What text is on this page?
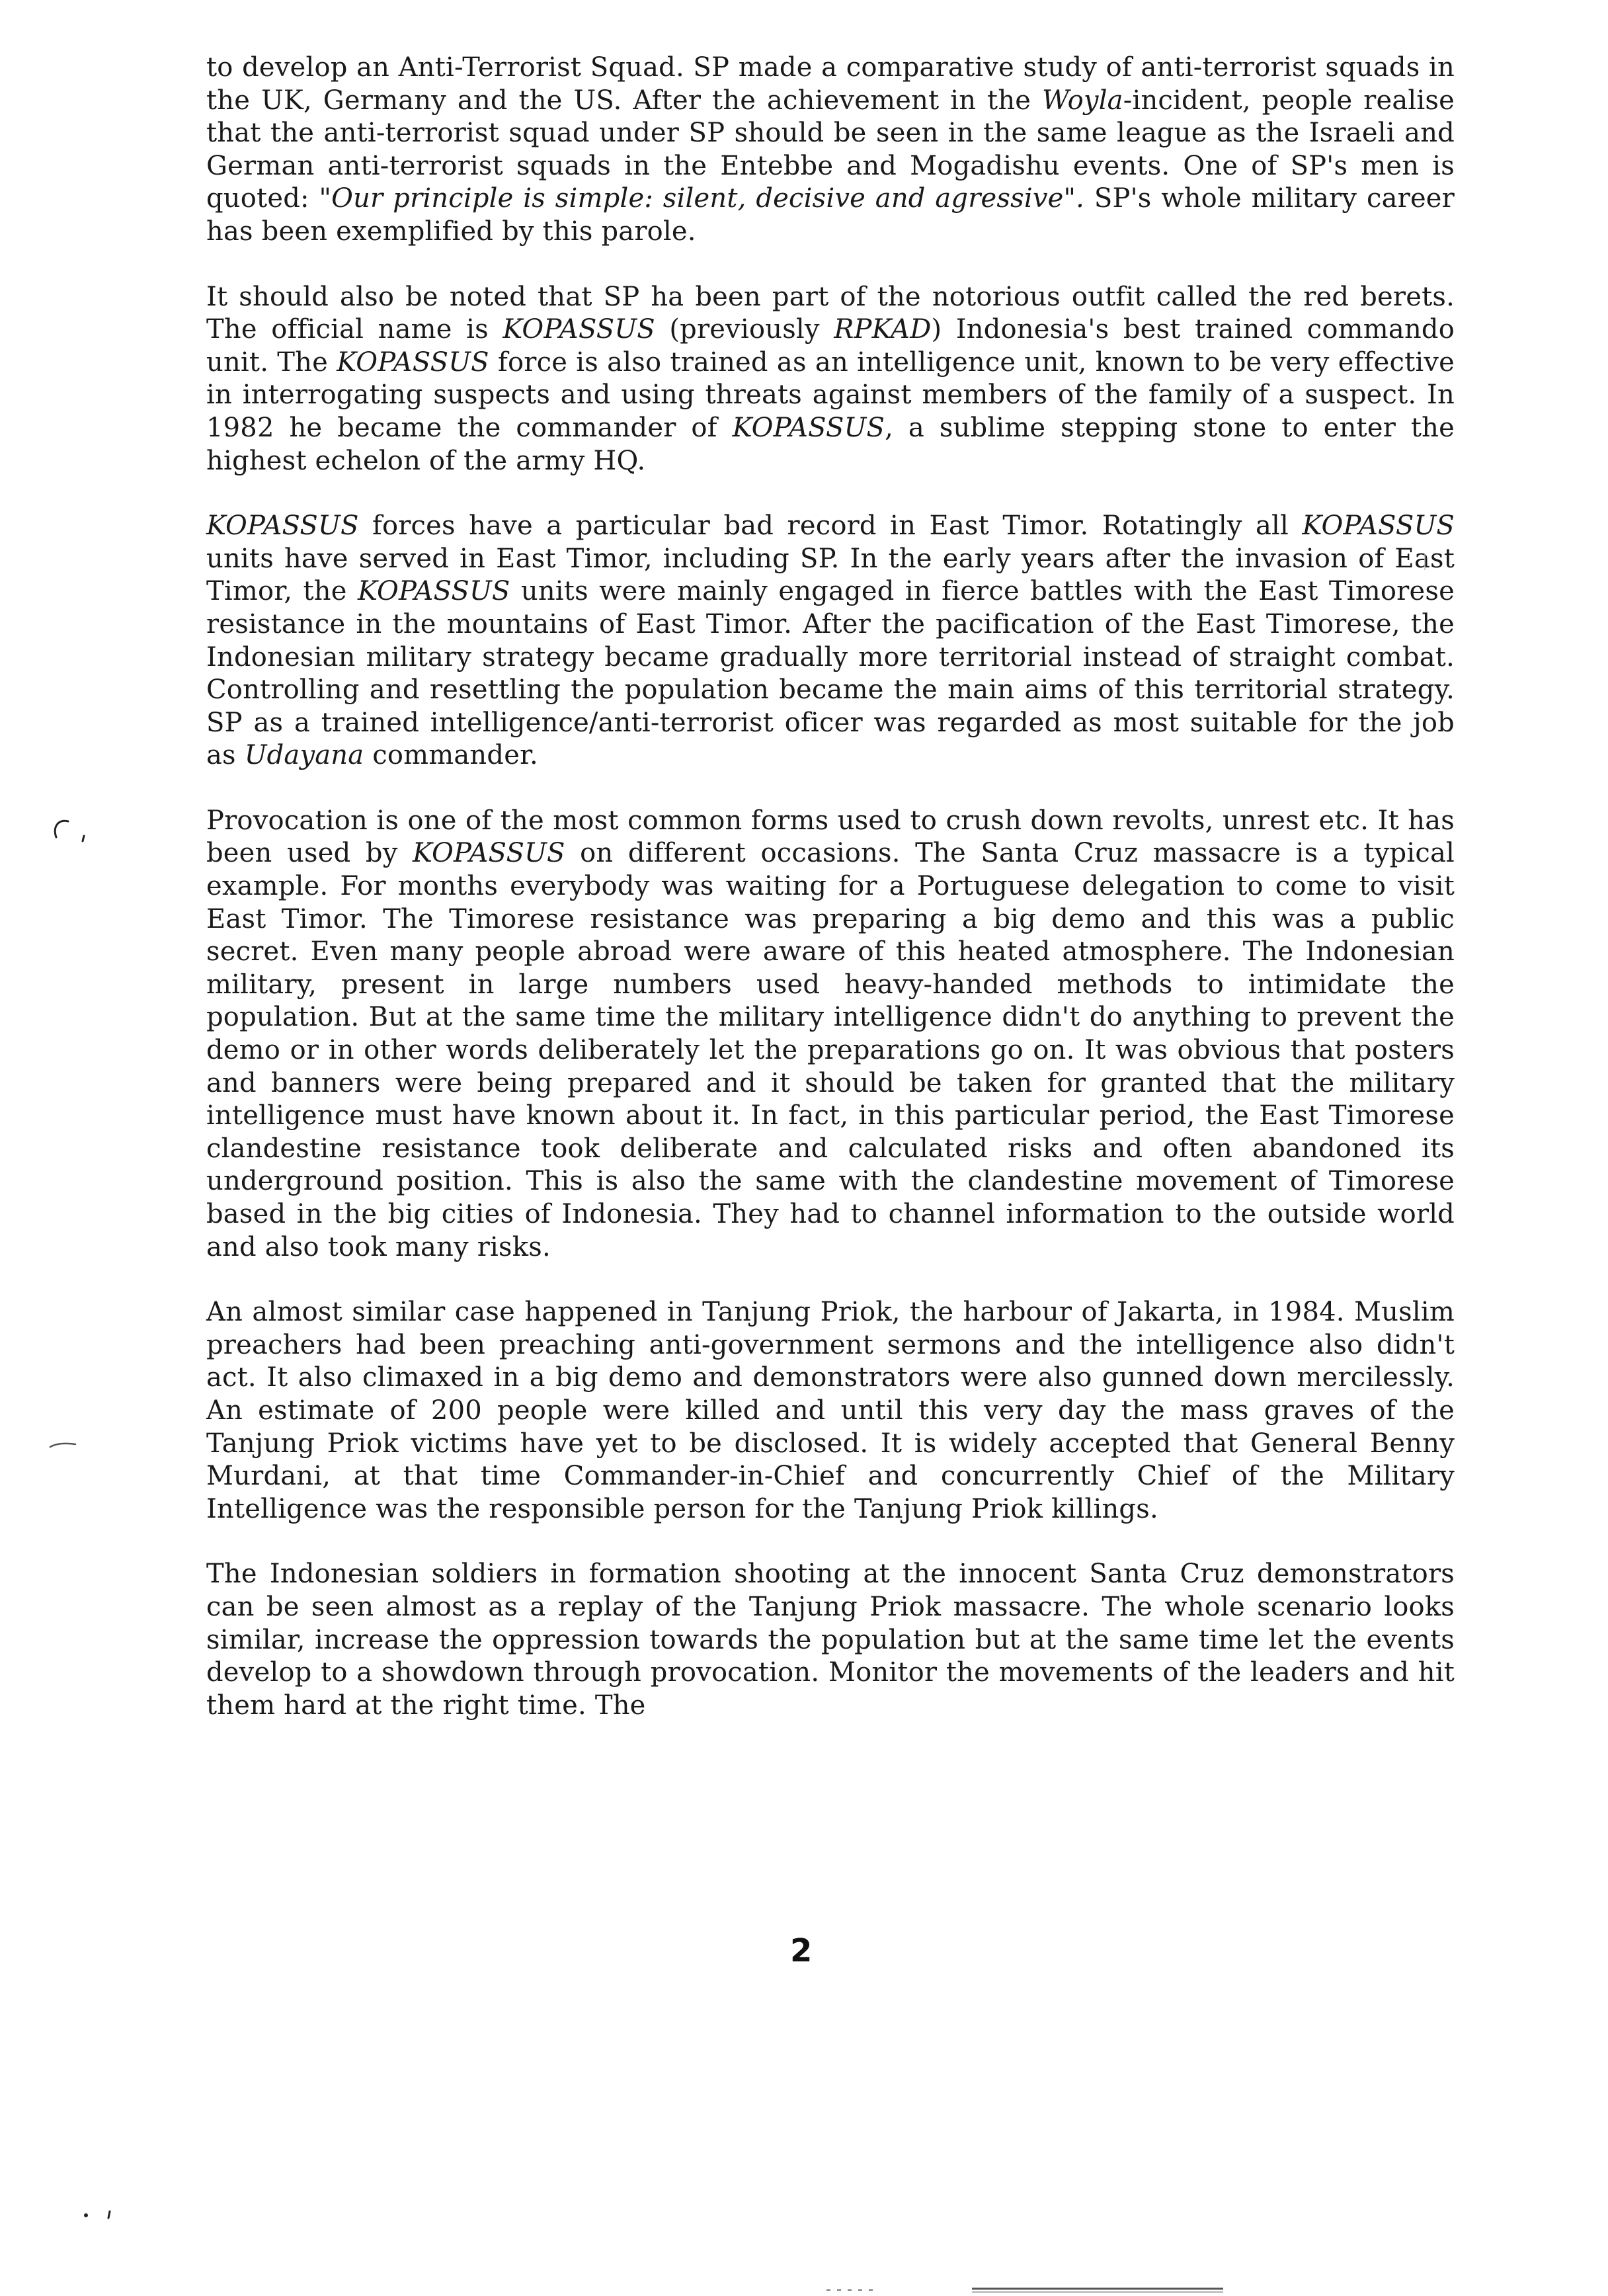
to develop an Anti-Terrorist Squad. SP made a comparative study of anti-terrorist squads in the UK, Germany and the US. After the achievement in the Woyla-incident, people realise that the anti-terrorist squad under SP should be seen in the same league as the Israeli and German anti-terrorist squads in the Entebbe and Mogadishu events. One of SP's men is quoted: "Our principle is simple: silent, decisive and agressive". SP's whole military career has been exemplified by this parole.

It should also be noted that SP ha been part of the notorious outfit called the red berets. The official name is KOPASSUS (previously RPKAD) Indonesia's best trained commando unit. The KOPASSUS force is also trained as an intelligence unit, known to be very effective in interrogating suspects and using threats against members of the family of a suspect. In 1982 he became the commander of KOPASSUS, a sublime stepping stone to enter the highest echelon of the army HQ.

KOPASSUS forces have a particular bad record in East Timor. Rotatingly all KOPASSUS units have served in East Timor, including SP. In the early years after the invasion of East Timor, the KOPASSUS units were mainly engaged in fierce battles with the East Timorese resistance in the mountains of East Timor. After the pacification of the East Timorese, the Indonesian military strategy became gradually more territorial instead of straight combat. Controlling and resettling the population became the main aims of this territorial strategy. SP as a trained intelligence/anti-terrorist oficer was regarded as most suitable for the job as Udayana commander.

Provocation is one of the most common forms used to crush down revolts, unrest etc. It has been used by KOPASSUS on different occasions. The Santa Cruz massacre is a typical example. For months everybody was waiting for a Portuguese delegation to come to visit East Timor. The Timorese resistance was preparing a big demo and this was a public secret. Even many people abroad were aware of this heated atmosphere. The Indonesian military, present in large numbers used heavy-handed methods to intimidate the population. But at the same time the military intelligence didn't do anything to prevent the demo or in other words deliberately let the preparations go on. It was obvious that posters and banners were being prepared and it should be taken for granted that the military intelligence must have known about it. In fact, in this particular period, the East Timorese clandestine resistance took deliberate and calculated risks and often abandoned its underground position. This is also the same with the clandestine movement of Timorese based in the big cities of Indonesia. They had to channel information to the outside world and also took many risks.

An almost similar case happened in Tanjung Priok, the harbour of Jakarta, in 1984. Muslim preachers had been preaching anti-government sermons and the intelligence also didn't act. It also climaxed in a big demo and demonstrators were also gunned down mercilessly. An estimate of 200 people were killed and until this very day the mass graves of the Tanjung Priok victims have yet to be disclosed. It is widely accepted that General Benny Murdani, at that time Commander-in-Chief and concurrently Chief of the Military Intelligence was the responsible person for the Tanjung Priok killings.

The Indonesian soldiers in formation shooting at the innocent Santa Cruz demonstrators can be seen almost as a replay of the Tanjung Priok massacre. The whole scenario looks similar, increase the oppression towards the population but at the same time let the events develop to a showdown through provocation. Monitor the movements of the leaders and hit them hard at the right time. The

2
